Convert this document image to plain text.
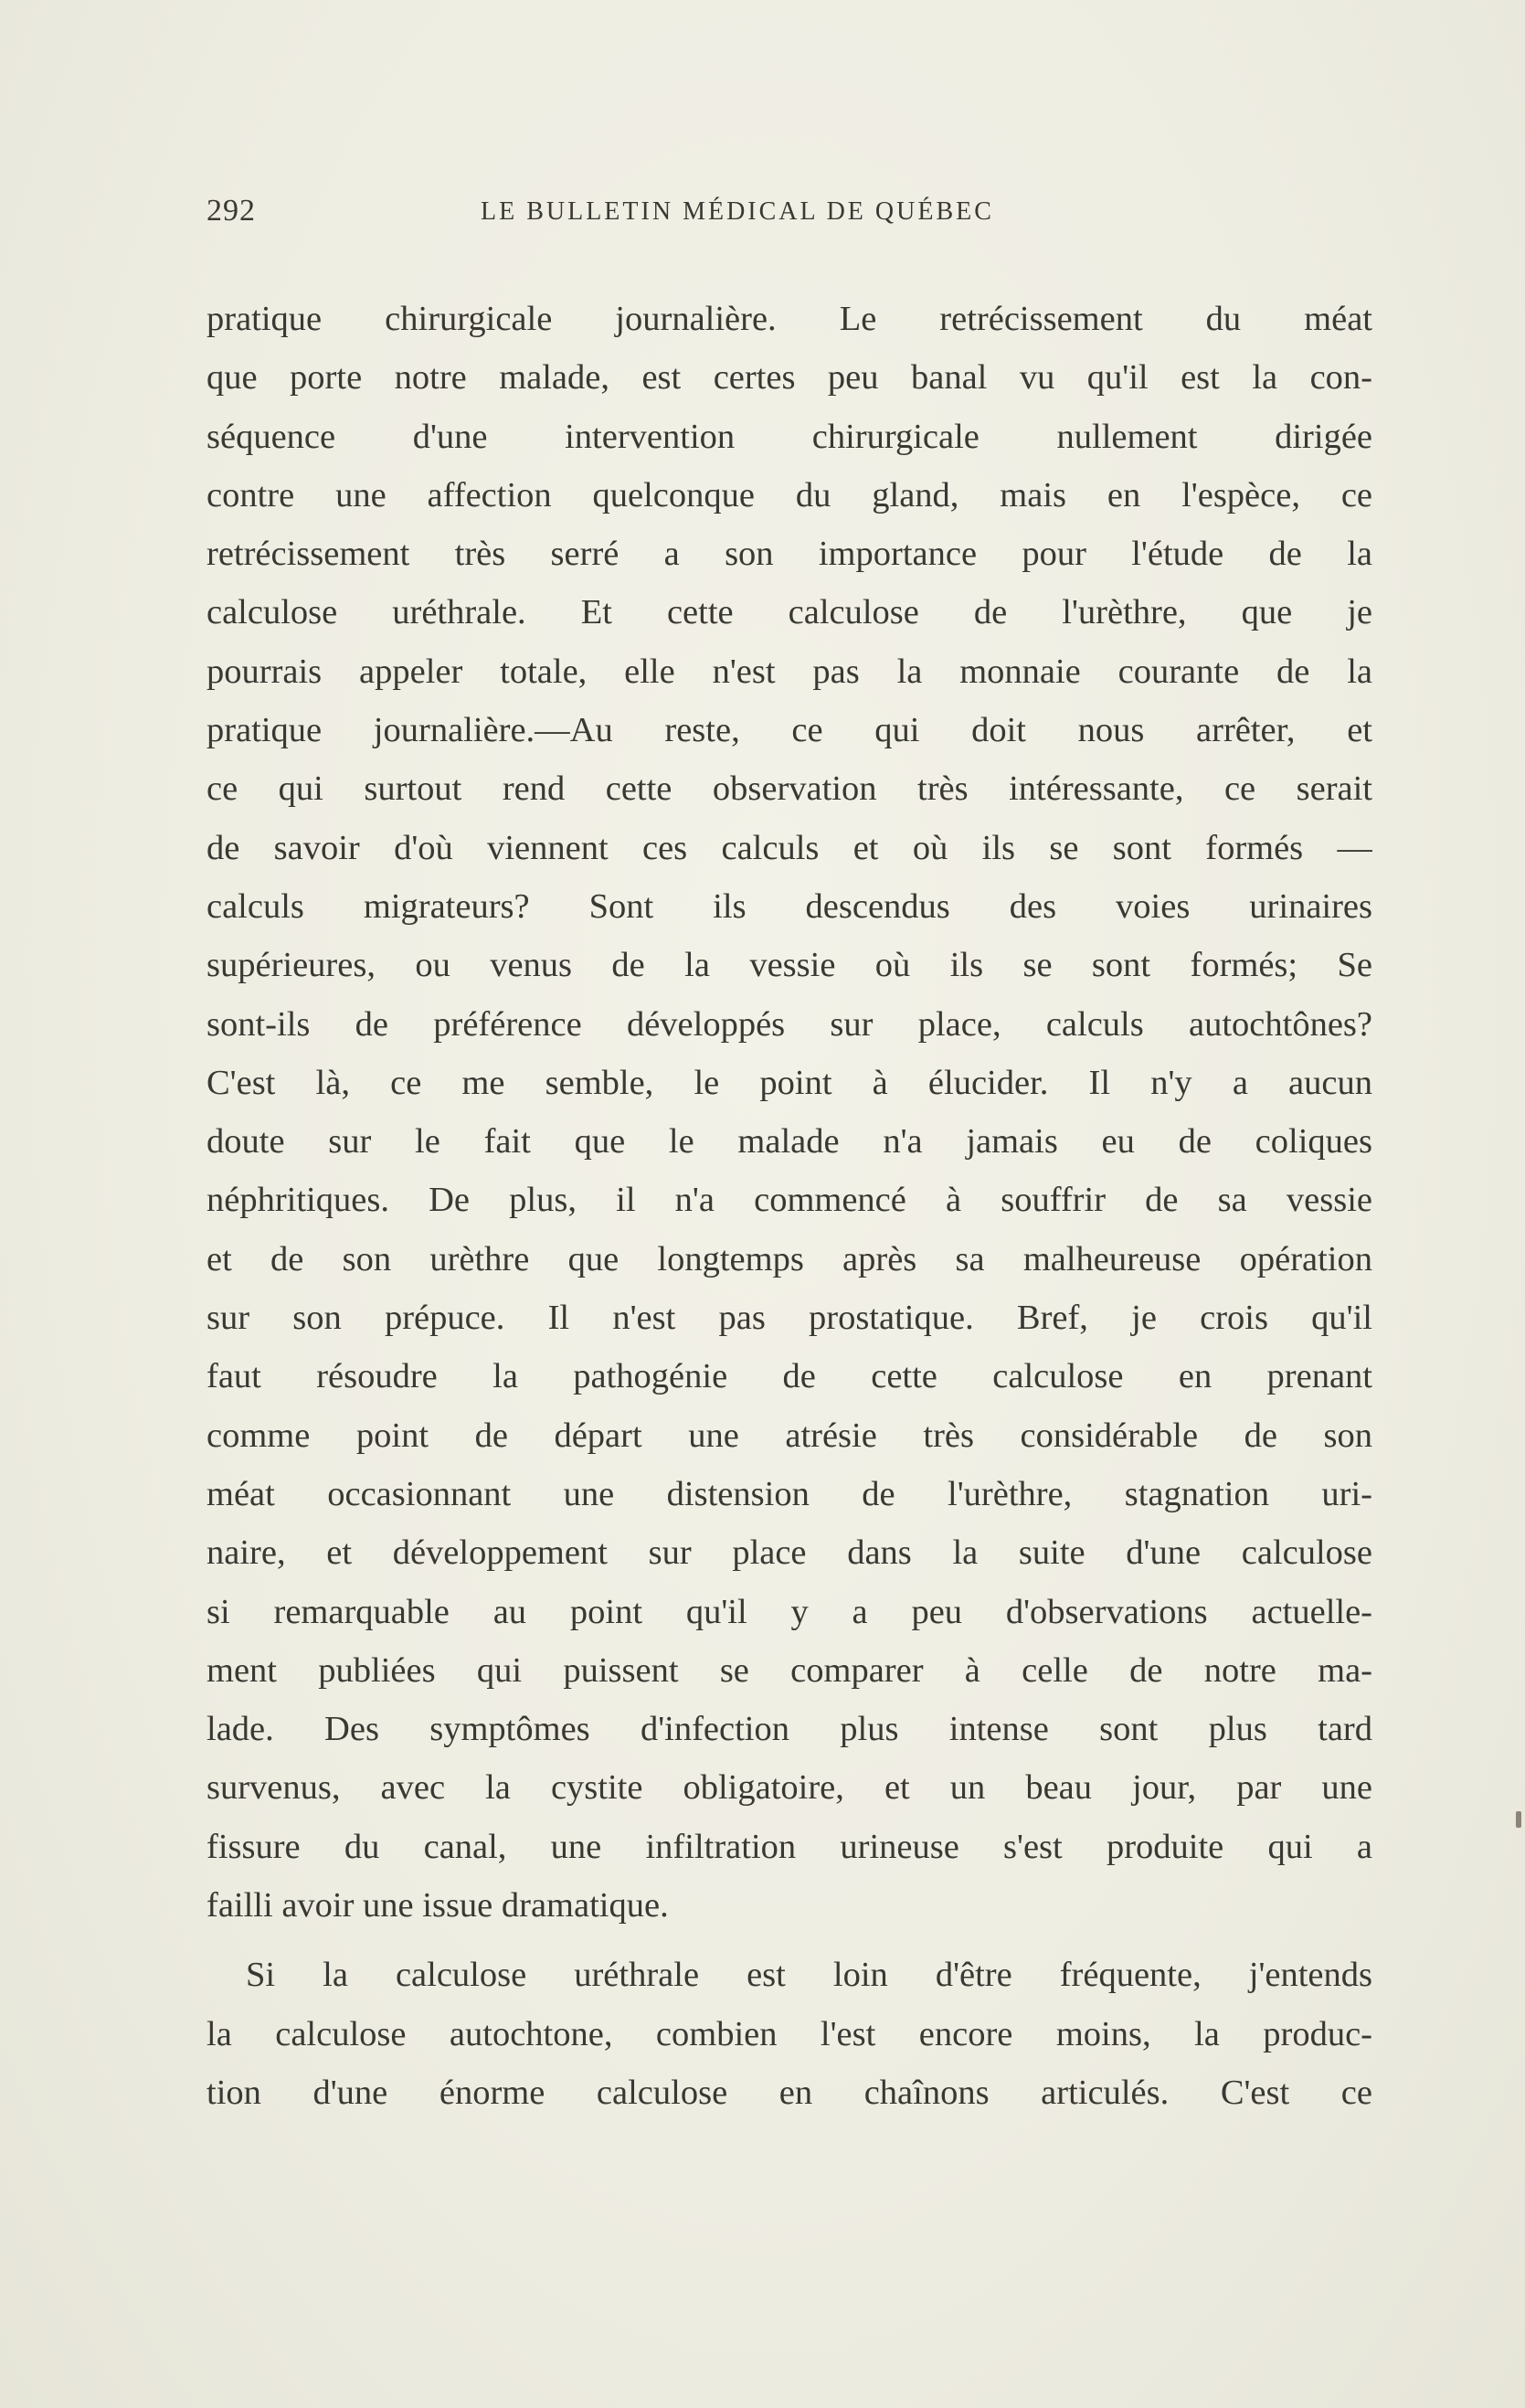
292	LE BULLETIN MÉDICAL DE QUÉBEC
pratique chirurgicale journalière. Le retrécissement du méat
que porte notre malade, est certes peu banal vu qu'il est la con-
séquence d'une intervention chirurgicale nullement dirigée
contre une affection quelconque du gland, mais en l'espèce, ce
retrécissement très serré a son importance pour l'étude de la
calculose uréthrale. Et cette calculose de l'urèthre, que je
pourrais appeler totale, elle n'est pas la monnaie courante de la
pratique journalière.—Au reste, ce qui doit nous arrêter, et
ce qui surtout rend cette observation très intéressante, ce serait
de savoir d'où viennent ces calculs et où ils se sont formés —
calculs migrateurs? Sont ils descendus des voies urinaires
supérieures, ou venus de la vessie où ils se sont formés; Se
sont-ils de préférence développés sur place, calculs autochtônes?
C'est là, ce me semble, le point à élucider. Il n'y a aucun
doute sur le fait que le malade n'a jamais eu de coliques
néphritiques. De plus, il n'a commencé à souffrir de sa vessie
et de son urèthre que longtemps après sa malheureuse opération
sur son prépuce. Il n'est pas prostatique. Bref, je crois qu'il
faut résoudre la pathogénie de cette calculose en prenant
comme point de départ une atrésie très considérable de son
méat occasionnant une distension de l'urèthre, stagnation uri-
naire, et développement sur place dans la suite d'une calculose
si remarquable au point qu'il y a peu d'observations actuelle-
ment publiées qui puissent se comparer à celle de notre ma-
lade. Des symptômes d'infection plus intense sont plus tard
survenus, avec la cystite obligatoire, et un beau jour, par une
fissure du canal, une infiltration urineuse s'est produite qui a
failli avoir une issue dramatique.
Si la calculose uréthrale est loin d'être fréquente, j'entends
la calculose autochtone, combien l'est encore moins, la produc-
tion d'une énorme calculose en chaînons articulés. C'est ce
